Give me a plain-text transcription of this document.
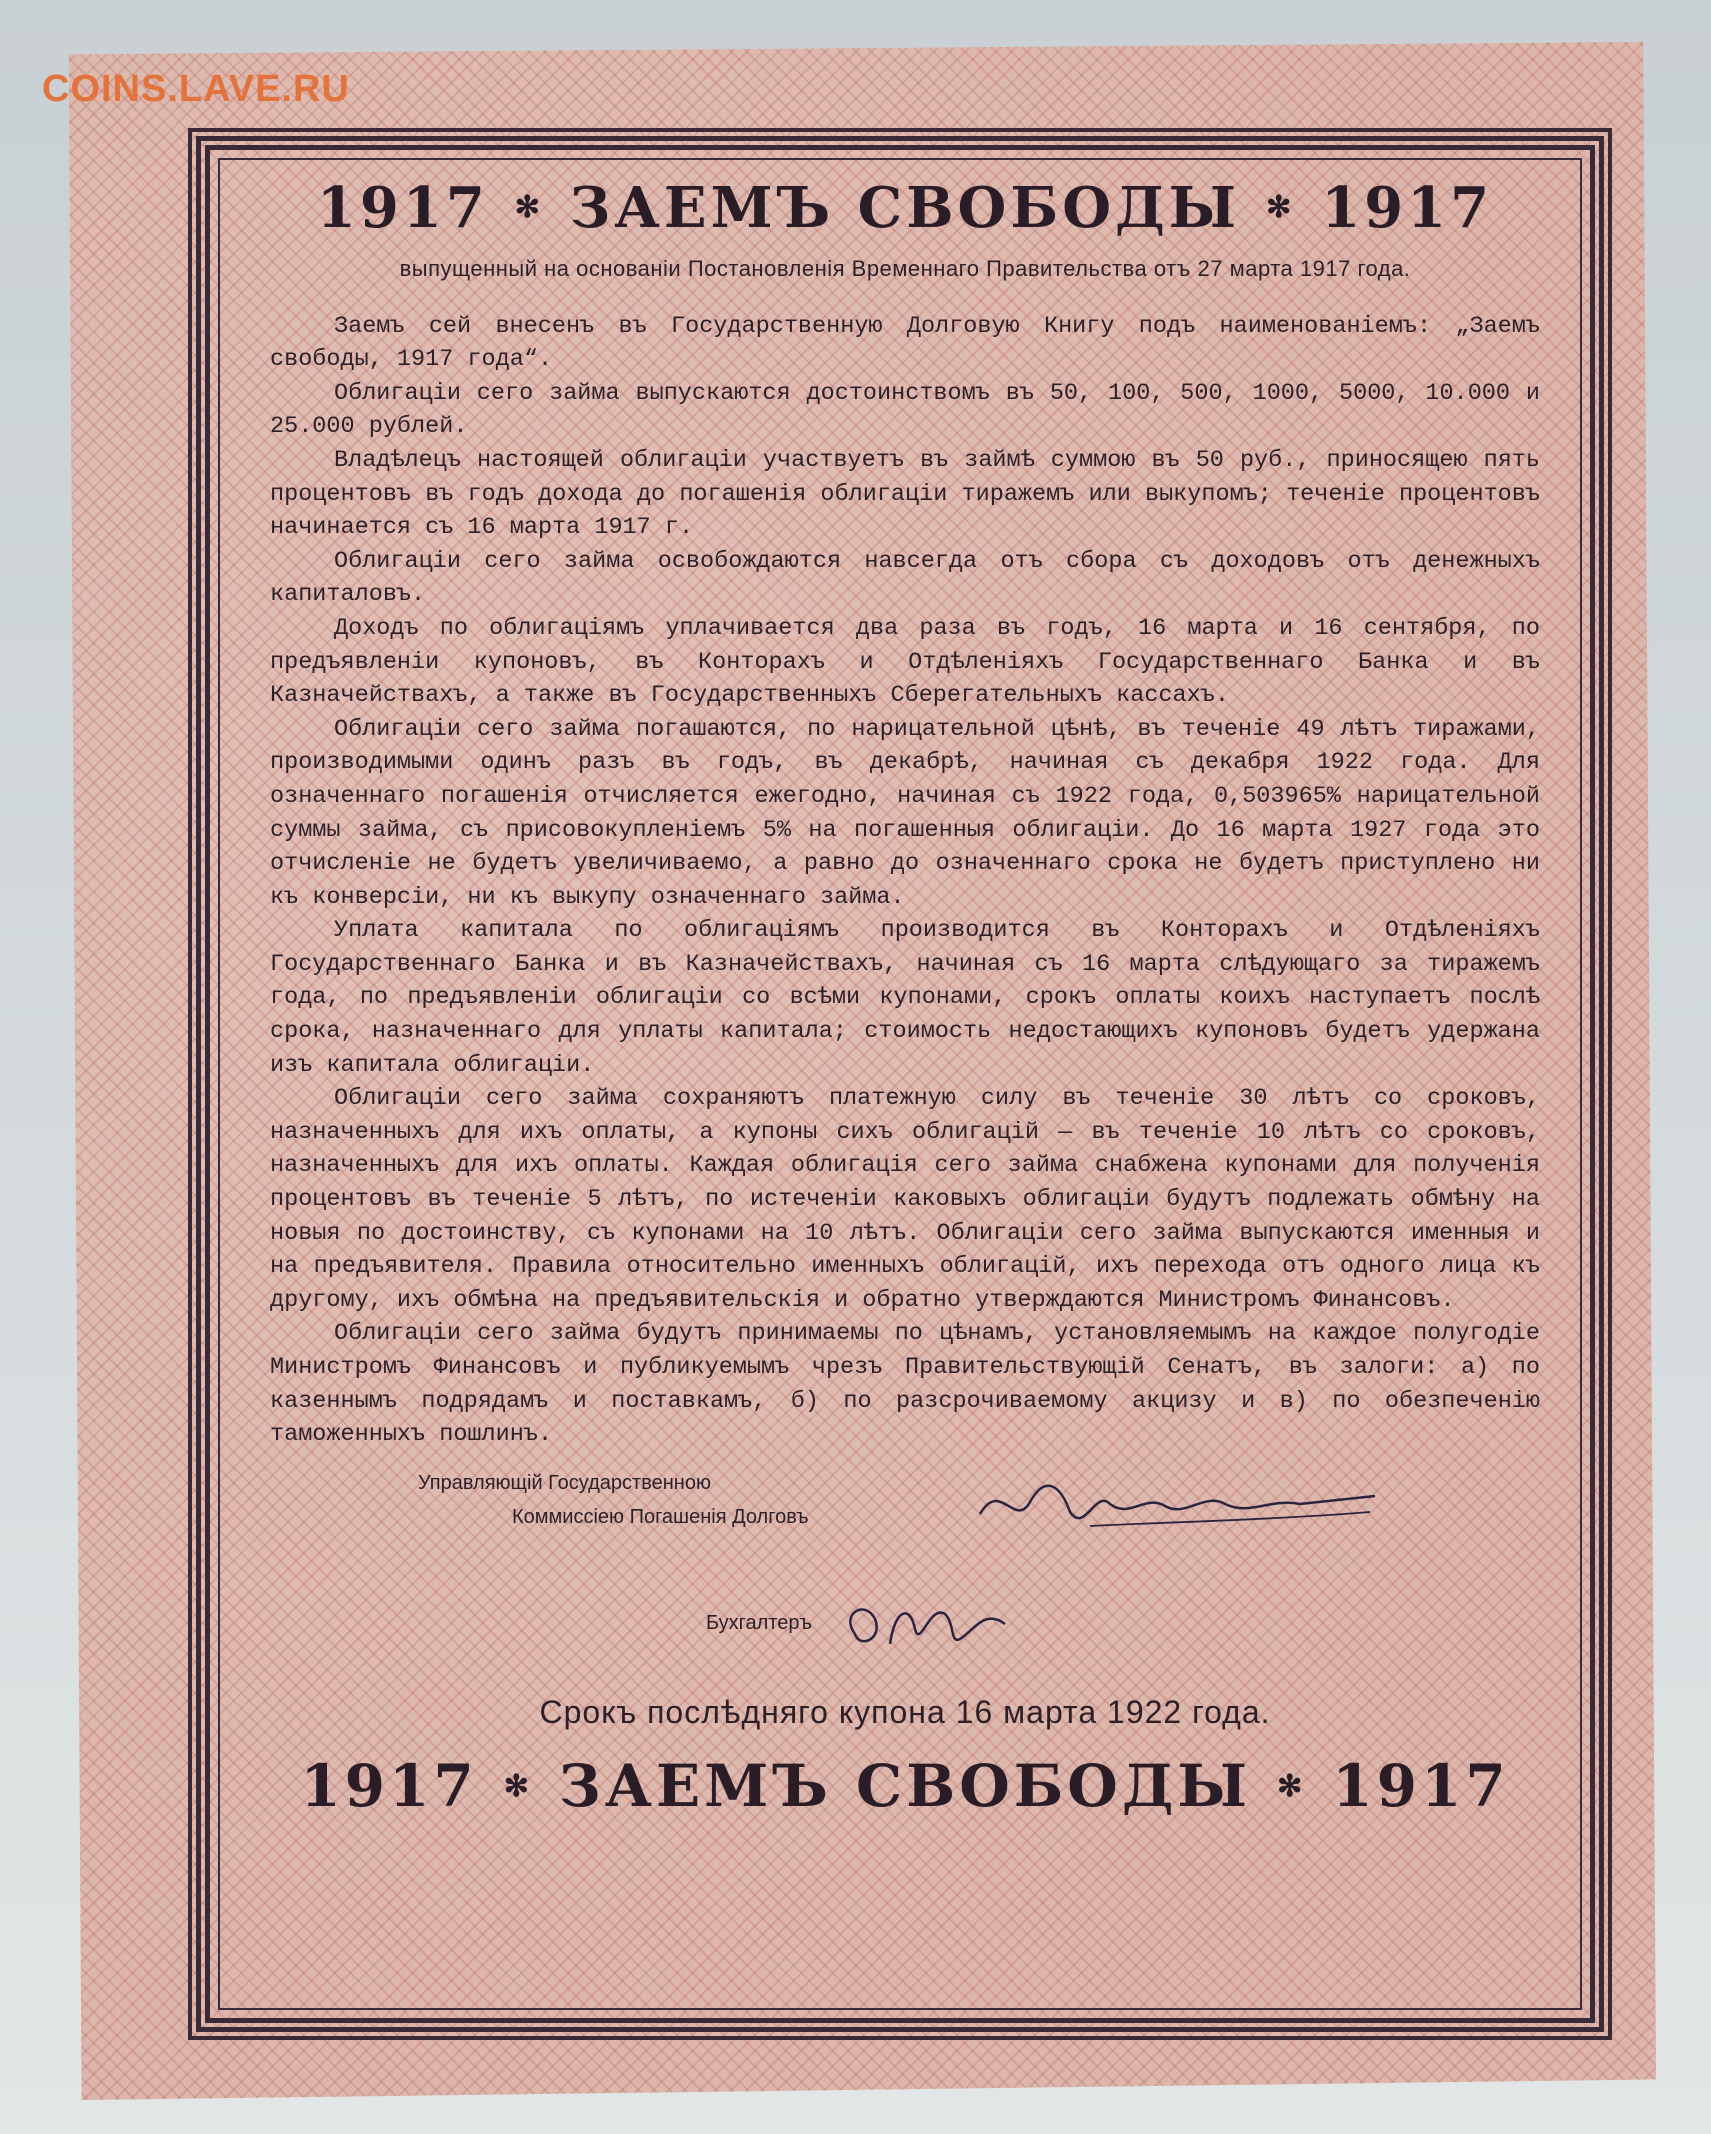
COINS.LAVE.RU
1917 ✻ ЗАЕМЪ СВОБОДЫ ✻ 1917
выпущенный на основанiи Постановленiя Временнаго Правительства отъ 27 марта 1917 года.

Заемъ сей внесенъ въ Государственную Долговую Книгу подъ наименованiемъ: „Заемъ свободы, 1917 года“.

Облигацiи сего займа выпускаются достоинствомъ въ 50, 100, 500, 1000, 5000, 10.000 и 25.000 рублей.

Владѣлецъ настоящей облигацiи участвуетъ въ займѣ суммою въ 50 руб., приносящею пять процентовъ въ годъ дохода до погашенiя облигацiи тиражемъ или выкупомъ; теченiе процентовъ начинается съ 16 марта 1917 г.

Облигацiи сего займа освобождаются навсегда отъ сбора съ доходовъ отъ денежныхъ капиталовъ.

Доходъ по облигацiямъ уплачивается два раза въ годъ, 16 марта и 16 сентября, по предъявленiи купоновъ, въ Конторахъ и Отдѣленiяхъ Государственнаго Банка и въ Казначействахъ, а также въ Государственныхъ Сберегательныхъ кассахъ.

Облигацiи сего займа погашаются, по нарицательной цѣнѣ, въ теченiе 49 лѣтъ тиражами, производимыми одинъ разъ въ годъ, въ декабрѣ, начиная съ декабря 1922 года. Для означеннаго погашенiя отчисляется ежегодно, начиная съ 1922 года, 0,503965% нарицательной суммы займа, съ присовокупленiемъ 5% на погашенныя облигацiи. До 16 марта 1927 года это отчисленiе не будетъ увеличиваемо, а равно до означеннаго срока не будетъ приступлено ни къ конверсiи, ни къ выкупу означеннаго займа.

Уплата капитала по облигацiямъ производится въ Конторахъ и Отдѣленiяхъ Государственнаго Банка и въ Казначействахъ, начиная съ 16 марта слѣдующаго за тиражемъ года, по предъявленiи облигацiи со всѣми купонами, срокъ оплаты коихъ наступаетъ послѣ срока, назначеннаго для уплаты капитала; стоимость недостающихъ купоновъ будетъ удержана изъ капитала облигацiи.

Облигацiи сего займа сохраняютъ платежную силу въ теченiе 30 лѣтъ со сроковъ, назначенныхъ для ихъ оплаты, а купоны сихъ облигацiй — въ теченiе 10 лѣтъ со сроковъ, назначенныхъ для ихъ оплаты. Каждая облигацiя сего займа снабжена купонами для полученiя процентовъ въ теченiе 5 лѣтъ, по истеченiи каковыхъ облигацiи будутъ подлежать обмѣну на новыя по достоинству, съ купонами на 10 лѣтъ. Облигацiи сего займа выпускаются именныя и на предъявителя. Правила относительно именныхъ облигацiй, ихъ перехода отъ одного лица къ другому, ихъ обмѣна на предъявительскiя и обратно утверждаются Министромъ Финансовъ.

Облигацiи сего займа будутъ принимаемы по цѣнамъ, установляемымъ на каждое полугодiе Министромъ Финансовъ и публикуемымъ чрезъ Правительствующiй Сенатъ, въ залоги: а) по казеннымъ подрядамъ и поставкамъ, б) по разсрочиваемому акцизу и в) по обезпеченiю таможенныхъ пошлинъ.

Управляющiй Государственною
Коммиссiею Погашенiя Долговъ
Бухгалтеръ
Срокъ послѣдняго купона 16 марта 1922 года.
1917 ✻ ЗАЕМЪ СВОБОДЫ ✻ 1917
